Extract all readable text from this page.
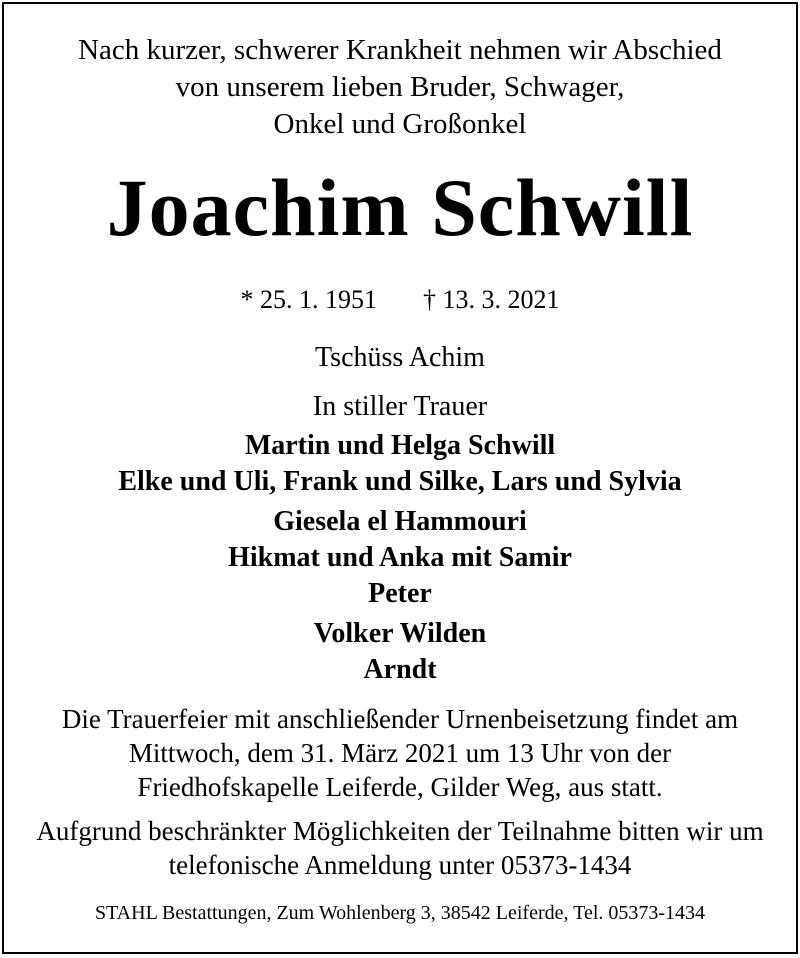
Nach kurzer, schwerer Krankheit nehmen wir Abschied
von unserem lieben Bruder, Schwager,
Onkel und Großonkel
Joachim Schwill
* 25. 1. 1951 † 13. 3. 2021
Tschüss Achim
In stiller Trauer
Martin und Helga Schwill
Elke und Uli, Frank und Silke, Lars und Sylvia
Giesela el Hammouri
Hikmat und Anka mit Samir
Peter
Volker Wilden
Arndt
Die Trauerfeier mit anschließender Urnenbeisetzung findet am
Mittwoch, dem 31. März 2021 um 13 Uhr von der
Friedhofskapelle Leiferde, Gilder Weg, aus statt.
Aufgrund beschränkter Möglichkeiten der Teilnahme bitten wir um
telefonische Anmeldung unter 05373-1434
STAHL Bestattungen, Zum Wohlenberg 3, 38542 Leiferde, Tel. 05373-1434
